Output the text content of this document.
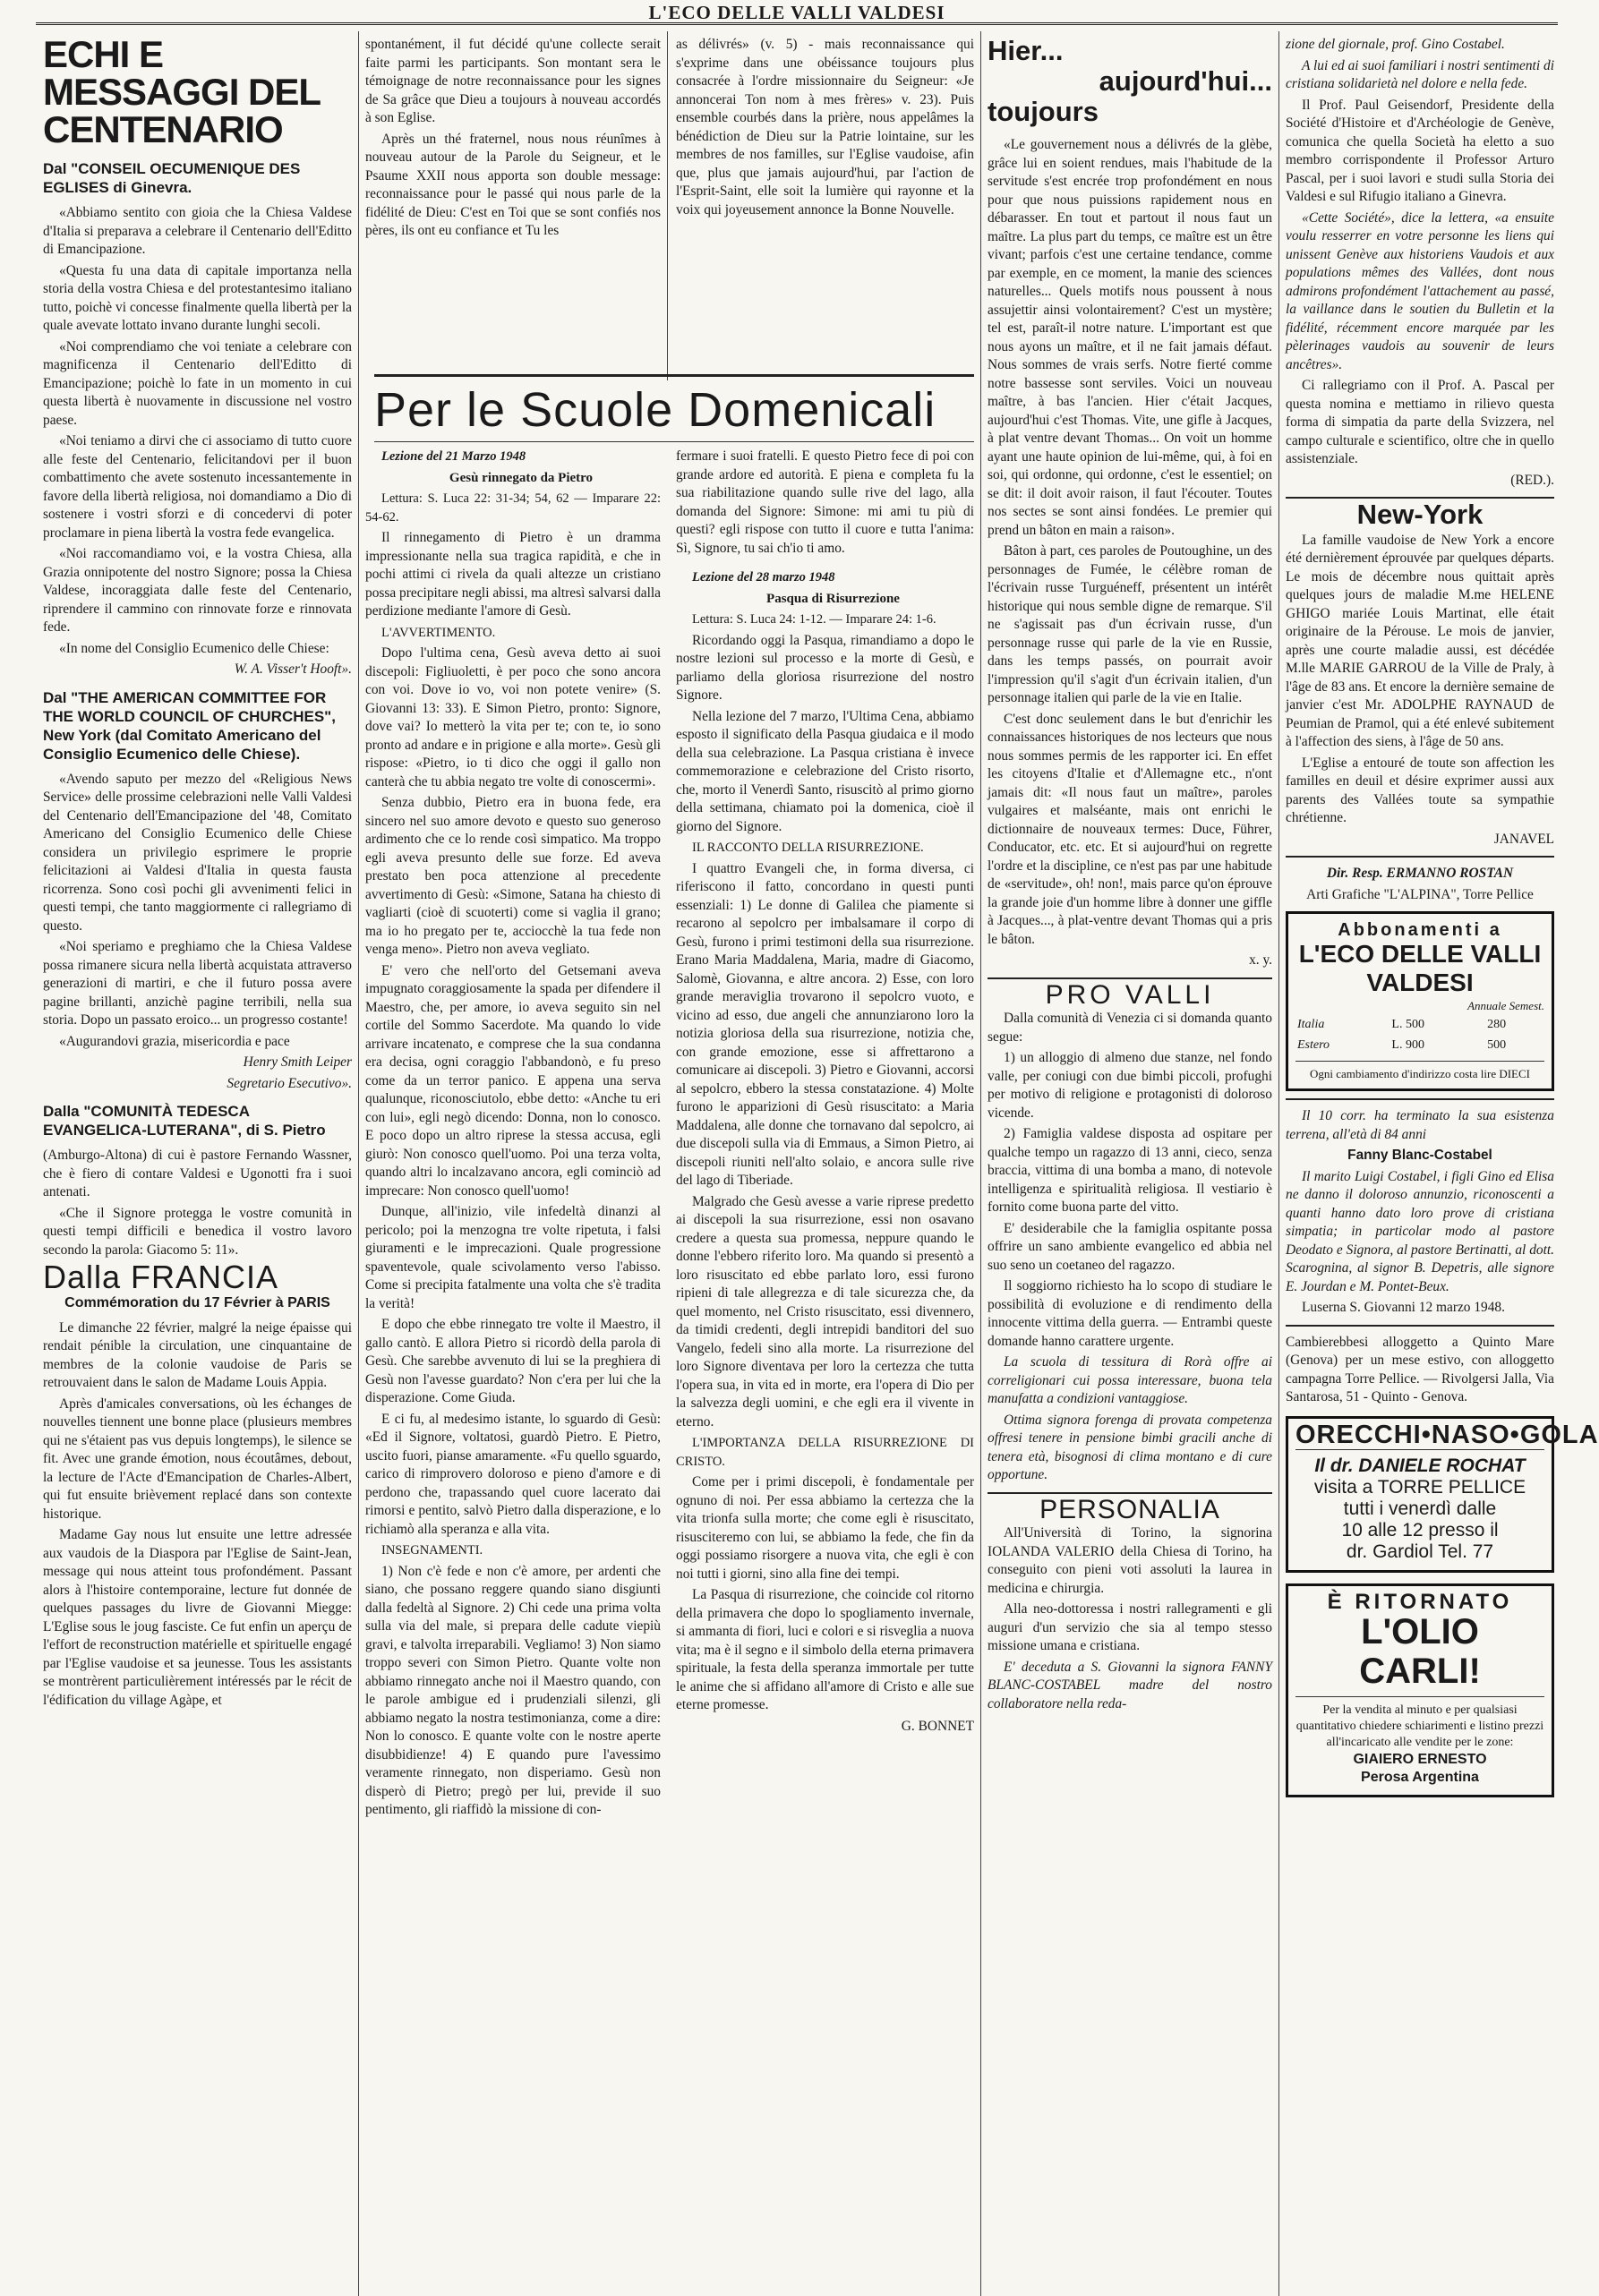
L'ECO DELLE VALLI VALDESI
ECHI E MESSAGGI DEL CENTENARIO
Dal "CONSEIL OECUMENIQUE DES EGLISES di Ginevra.

«Abbiamo sentito con gioia che la Chiesa Valdese d'Italia si preparava a celebrare il Centenario dell'Editto di Emancipazione.

«Questa fu una data di capitale importanza nella storia della vostra Chiesa e del protestantesimo italiano tutto, poichè vi concesse finalmente quella libertà per la quale avevate lottato invano durante lunghi secoli.

«Noi comprendiamo che voi teniate a celebrare con magnificenza il Centenario dell'Editto di Emancipazione; poichè lo fate in un momento in cui questa libertà è nuovamente in discussione nel vostro paese.

«Noi teniamo a dirvi che ci associamo di tutto cuore alle feste del Centenario, felicitandovi per il buon combattimento che avete sostenuto incessantemente in favore della libertà religiosa, noi domandiamo a Dio di sostenere i vostri sforzi e di concedervi di poter proclamare in piena libertà la vostra fede evangelica.

«Noi raccomandiamo voi, e la vostra Chiesa, alla Grazia onnipotente del nostro Signore; possa la Chiesa Valdese, incoraggiata dalle feste del Centenario, riprendere il cammino con rinnovate forze e rinnovata fede.

«In nome del Consiglio Ecumenico delle Chiese:

W. A. Visser't Hooft».

Dal "THE AMERICAN COMMITTEE FOR THE WORLD COUNCIL OF CHURCHES", New York (dal Comitato Americano del Consiglio Ecumenico delle Chiese).

«Avendo saputo per mezzo del «Religious News Service» delle prossime celebrazioni nelle Valli Valdesi del Centenario dell'Emancipazione del '48, Comitato Americano del Consiglio Ecumenico delle Chiese considera un privilegio esprimere le proprie felicitazioni ai Valdesi d'Italia in questa fausta ricorrenza. Sono così pochi gli avvenimenti felici in questi tempi, che tanto maggiormente ci rallegriamo di questo.

«Noi speriamo e preghiamo che la Chiesa Valdese possa rimanere sicura nella libertà acquistata attraverso generazioni di martiri, e che il futuro possa avere pagine brillanti, anzichè pagine terribili, nella sua storia. Dopo un passato eroico... un progresso costante!

«Augurandovi grazia, misericordia e pace

Henry Smith Leiper

Segretario Esecutivo».

Dalla "COMUNITÀ TEDESCA EVANGELICA-LUTERANA", di S. Pietro

(Amburgo-Altona) di cui è pastore Fernando Wassner, che è fiero di contare Valdesi e Ugonotti fra i suoi antenati.

«Che il Signore protegga le vostre comunità in questi tempi difficili e benedica il vostro lavoro secondo la parola: Giacomo 5: 11».

Dalla FRANCIA
Commémoration du 17 Février à PARIS

Le dimanche 22 février, malgré la neige épaisse qui rendait pénible la circulation, une cinquantaine de membres de la colonie vaudoise de Paris se retrouvaient dans le salon de Madame Louis Appia.

Après d'amicales conversations, où les échanges de nouvelles tiennent une bonne place (plusieurs membres qui ne s'étaient pas vus depuis longtemps), le silence se fit. Avec une grande émotion, nous écoutâmes, debout, la lecture de l'Acte d'Emancipation de Charles-Albert, qui fut ensuite brièvement replacé dans son contexte historique.

Madame Gay nous lut ensuite une lettre adressée aux vaudois de la Diaspora par l'Eglise de Saint-Jean, message qui nous atteint tous profondément. Passant alors à l'histoire contemporaine, lecture fut donnée de quelques passages du livre de Giovanni Miegge: L'Eglise sous le joug fasciste. Ce fut enfin un aperçu de l'effort de reconstruction matérielle et spirituelle engagé par l'Eglise vaudoise et sa jeunesse. Tous les assistants se montrèrent particulièrement intéressés par le récit de l'édification du village Agàpe, et

spontanément, il fut décidé qu'une collecte serait faite parmi les participants. Son montant sera le témoignage de notre reconnaissance pour les signes de Sa grâce que Dieu a toujours à nouveau accordés à son Eglise.

Après un thé fraternel, nous nous réunîmes à nouveau autour de la Parole du Seigneur, et le Psaume XXII nous apporta son double message: reconnaissance pour le passé qui nous parle de la fidélité de Dieu: C'est en Toi que se sont confiés nos pères, ils ont eu confiance et Tu les

as délivrés» (v. 5) - mais reconnaissance qui s'exprime dans une obéissance toujours plus consacrée à l'ordre missionnaire du Seigneur: «Je annoncerai Ton nom à mes frères» v. 23). Puis ensemble courbés dans la prière, nous appelâmes la bénédiction de Dieu sur la Patrie lointaine, sur les membres de nos familles, sur l'Eglise vaudoise, afin que, plus que jamais aujourd'hui, par l'action de l'Esprit-Saint, elle soit la lumière qui rayonne et la voix qui joyeusement annonce la Bonne Nouvelle.

Per le Scuole Domenicali

Lezione del 21 Marzo 1948

Gesù rinnegato da Pietro

Lettura: S. Luca 22: 31-34; 54, 62 — Imparare 22: 54-62.

Il rinnegamento di Pietro è un dramma impressionante nella sua tragica rapidità, e che in pochi attimi ci rivela da quali altezze un cristiano possa precipitare negli abissi, ma altresì salvarsi dalla perdizione mediante l'amore di Gesù.

L'AVVERTIMENTO.

Dopo l'ultima cena, Gesù aveva detto ai suoi discepoli: Figliuoletti, è per poco che sono ancora con voi. Dove io vo, voi non potete venire» (S. Giovanni 13: 33). E Simon Pietro, pronto: Signore, dove vai? Io metterò la vita per te; con te, io sono pronto ad andare e in prigione e alla morte». Gesù gli rispose: «Pietro, io ti dico che oggi il gallo non canterà che tu abbia negato tre volte di conoscermi».

Senza dubbio, Pietro era in buona fede, era sincero nel suo amore devoto e questo suo generoso ardimento che ce lo rende così simpatico. Ma troppo egli aveva presunto delle sue forze. Ed aveva prestato ben poca attenzione al precedente avvertimento di Gesù: «Simone, Satana ha chiesto di vagliarti (cioè di scuoterti) come si vaglia il grano; ma io ho pregato per te, acciocchè la tua fede non venga meno». Pietro non aveva vegliato.

E' vero che nell'orto del Getsemani aveva impugnato coraggiosamente la spada per difendere il Maestro, che, per amore, io aveva seguito sin nel cortile del Sommo Sacerdote. Ma quando lo vide arrivare incatenato, e comprese che la sua condanna era decisa, ogni coraggio l'abbandonò, e fu preso come da un terror panico. E appena una serva qualunque, riconosciutolo, ebbe detto: «Anche tu eri con lui», egli negò dicendo: Donna, non lo conosco. E poco dopo un altro riprese la stessa accusa, egli giurò: Non conosco quell'uomo. Poi una terza volta, quando altri lo incalzavano ancora, egli cominciò ad imprecare: Non conosco quell'uomo!

Dunque, all'inizio, vile infedeltà dinanzi al pericolo; poi la menzogna tre volte ripetuta, i falsi giuramenti e le imprecazioni. Quale progressione spaventevole, quale scivolamento verso l'abisso. Come si precipita fatalmente una volta che s'è tradita la verità!

E dopo che ebbe rinnegato tre volte il Maestro, il gallo cantò. E allora Pietro si ricordò della parola di Gesù. Che sarebbe avvenuto di lui se la preghiera di Gesù non l'avesse guardato? Non c'era per lui che la disperazione. Come Giuda.

E ci fu, al medesimo istante, lo sguardo di Gesù: «Ed il Signore, voltatosi, guardò Pietro. E Pietro, uscito fuori, pianse amaramente. «Fu quello sguardo, carico di rimprovero doloroso e pieno d'amore e di perdono che, trapassando quel cuore lacerato dai rimorsi e pentito, salvò Pietro dalla disperazione, e lo richiamò alla speranza e alla vita.

INSEGNAMENTI.

1) Non c'è fede e non c'è amore, per ardenti che siano, che possano reggere quando siano disgiunti dalla fedeltà al Signore. 2) Chi cede una prima volta sulla via del male, si prepara delle cadute viepiù gravi, e talvolta irreparabili. Vegliamo! 3) Non siamo troppo severi con Simon Pietro. Quante volte non abbiamo rinnegato anche noi il Maestro quando, con le parole ambigue ed i prudenziali silenzi, gli abbiamo negato la nostra testimonianza, come a dire: Non lo conosco. E quante volte con le nostre aperte disubbidienze! 4) E quando pure l'avessimo veramente rinnegato, non disperiamo. Gesù non disperò di Pietro; pregò per lui, previde il suo pentimento, gli riaffidò la missione di con-

fermare i suoi fratelli. E questo Pietro fece di poi con grande ardore ed autorità. E piena e completa fu la sua riabilitazione quando sulle rive del lago, alla domanda del Signore: Simone: mi ami tu più di questi? egli rispose con tutto il cuore e tutta l'anima: Sì, Signore, tu sai ch'io ti amo.

Lezione del 28 marzo 1948

Pasqua di Risurrezione

Lettura: S. Luca 24: 1-12. — Imparare 24: 1-6.

Ricordando oggi la Pasqua, rimandiamo a dopo le nostre lezioni sul processo e la morte di Gesù, e parliamo della gloriosa risurrezione del nostro Signore.

Nella lezione del 7 marzo, l'Ultima Cena, abbiamo esposto il significato della Pasqua giudaica e il modo della sua celebrazione. La Pasqua cristiana è invece commemorazione e celebrazione del Cristo risorto, che, morto il Venerdì Santo, risuscitò al primo giorno della settimana, chiamato poi la domenica, cioè il giorno del Signore.

IL RACCONTO DELLA RISURREZIONE.

I quattro Evangeli che, in forma diversa, ci riferiscono il fatto, concordano in questi punti essenziali: 1) Le donne di Galilea che piamente si recarono al sepolcro per imbalsamare il corpo di Gesù, furono i primi testimoni della sua risurrezione. Erano Maria Maddalena, Maria, madre di Giacomo, Salomè, Giovanna, e altre ancora. 2) Esse, con loro grande meraviglia trovarono il sepolcro vuoto, e vicino ad esso, due angeli che annunziarono loro la notizia gloriosa della sua risurrezione, notizia che, con grande emozione, esse si affrettarono a comunicare ai discepoli. 3) Pietro e Giovanni, accorsi al sepolcro, ebbero la stessa constatazione. 4) Molte furono le apparizioni di Gesù risuscitato: a Maria Maddalena, alle donne che tornavano dal sepolcro, ai due discepoli sulla via di Emmaus, a Simon Pietro, ai discepoli riuniti nell'alto solaio, e ancora sulle rive del lago di Tiberiade.

Malgrado che Gesù avesse a varie riprese predetto ai discepoli la sua risurrezione, essi non osavano credere a questa sua promessa, neppure quando le donne l'ebbero riferito loro. Ma quando si presentò a loro risuscitato ed ebbe parlato loro, essi furono ripieni di tale allegrezza e di tale sicurezza che, da quel momento, nel Cristo risuscitato, essi divennero, da timidi credenti, degli intrepidi banditori del suo Vangelo, fedeli sino alla morte. La risurrezione del loro Signore diventava per loro la certezza che tutta l'opera sua, in vita ed in morte, era l'opera di Dio per la salvezza degli uomini, e che egli era il vivente in eterno.

L'IMPORTANZA DELLA RISURREZIONE DI CRISTO.

Come per i primi discepoli, è fondamentale per ognuno di noi. Per essa abbiamo la certezza che la vita trionfa sulla morte; che come egli è risuscitato, risusciteremo con lui, se abbiamo la fede, che fin da oggi possiamo risorgere a nuova vita, che egli è con noi tutti i giorni, sino alla fine dei tempi.

La Pasqua di risurrezione, che coincide col ritorno della primavera che dopo lo spogliamento invernale, si ammanta di fiori, luci e colori e si risveglia a nuova vita; ma è il segno e il simbolo della eterna primavera spirituale, la festa della speranza immortale per tutte le anime che si affidano all'amore di Cristo e alle sue eterne promesse.

G. BONNET

Hier...
aujourd'hui...
toujours

«Le gouvernement nous a délivrés de la glèbe, grâce lui en soient rendues, mais l'habitude de la servitude s'est encrée trop profondément en nous pour que nous puissions rapidement nous en débarasser. En tout et partout il nous faut un maître. La plus part du temps, ce maître est un être vivant; parfois c'est une certaine tendance, comme par exemple, en ce moment, la manie des sciences naturelles... Quels motifs nous poussent à nous assujettir ainsi volontairement? C'est un mystère; tel est, paraît-il notre nature. L'important est que nous ayons un maître, et il ne fait jamais défaut. Nous sommes de vrais serfs. Notre fierté comme notre bassesse sont serviles. Voici un nouveau maître, à bas l'ancien. Hier c'était Jacques, aujourd'hui c'est Thomas. Vite, une gifle à Jacques, à plat ventre devant Thomas... On voit un homme ayant une haute opinion de lui-même, qui, à foi en soi, qui ordonne, qui ordonne, c'est le essentiel; on se dit: il doit avoir raison, il faut l'écouter. Toutes nos sectes se sont ainsi fondées. Le premier qui prend un bâton en main a raison».

Bâton à part, ces paroles de Poutoughine, un des personnages de Fumée, le célèbre roman de l'écrivain russe Turguéneff, présentent un intérêt historique qui nous semble digne de remarque. S'il ne s'agissait pas d'un écrivain russe, d'un personnage russe qui parle de la vie en Russie, dans les temps passés, on pourrait avoir l'impression qu'il s'agit d'un écrivain italien, d'un personnage italien qui parle de la vie en Italie.

C'est donc seulement dans le but d'enrichir les connaissances historiques de nos lecteurs que nous nous sommes permis de les rapporter ici. En effet les citoyens d'Italie et d'Allemagne etc., n'ont jamais dit: «Il nous faut un maître», paroles vulgaires et malséante, mais ont enrichi le dictionnaire de nouveaux termes: Duce, Führer, Conducator, etc. etc. Et si aujourd'hui on regrette l'ordre et la discipline, ce n'est pas par une habitude de «servitude», oh! non!, mais parce qu'on éprouve la grande joie d'un homme libre à donner une giffle à Jacques..., à plat-ventre devant Thomas qui a pris le bâton.

x. y.

PRO VALLI

Dalla comunità di Venezia ci si domanda quanto segue:

1) un alloggio di almeno due stanze, nel fondo valle, per coniugi con due bimbi piccoli, profughi per motivo di religione e protagonisti di doloroso vicende.

2) Famiglia valdese disposta ad ospitare per qualche tempo un ragazzo di 13 anni, cieco, senza braccia, vittima di una bomba a mano, di notevole intelligenza e spiritualità religiosa. Il vestiario è fornito come buona parte del vitto.

E' desiderabile che la famiglia ospitante possa offrire un sano ambiente evangelico ed abbia nel suo seno un coetaneo del ragazzo.

Il soggiorno richiesto ha lo scopo di studiare le possibilità di evoluzione e di rendimento della innocente vittima della guerra. — Entrambi queste domande hanno carattere urgente.

La scuola di tessitura di Rorà offre ai correligionari cui possa interessare, buona tela manufatta a condizioni vantaggiose.

Ottima signora forenga di provata competenza offresi tenere in pensione bimbi gracili anche di tenera età, bisognosi di clima montano e di cure opportune.

PERSONALIA

All'Università di Torino, la signorina IOLANDA VALERIO della Chiesa di Torino, ha conseguito con pieni voti assoluti la laurea in medicina e chirurgia.

Alla neo-dottoressa i nostri rallegramenti e gli auguri d'un servizio che sia al tempo stesso missione umana e cristiana.

E' deceduta a S. Giovanni la signora FANNY BLANC-COSTABEL madre del nostro collaboratore nella reda-

zione del giornale, prof. Gino Costabel.

A lui ed ai suoi familiari i nostri sentimenti di cristiana solidarietà nel dolore e nella fede.

Il Prof. Paul Geisendorf, Presidente della Société d'Histoire et d'Archéologie de Genève, comunica che quella Società ha eletto a suo membro corrispondente il Professor Arturo Pascal, per i suoi lavori e studi sulla Storia dei Valdesi e sul Rifugio italiano a Ginevra.

«Cette Société», dice la lettera, «a ensuite voulu resserrer en votre personne les liens qui unissent Genève aux historiens Vaudois et aux populations mêmes des Vallées, dont nous admirons profondément l'attachement au passé, la vaillance dans le soutien du Bulletin et la fidélité, récemment encore marquée par les pèlerinages vaudois au souvenir de leurs ancêtres».

Ci rallegriamo con il Prof. A. Pascal per questa nomina e mettiamo in rilievo questa forma di simpatia da parte della Svizzera, nel campo culturale e scientifico, oltre che in quello assistenziale.

(RED.).

New-York

La famille vaudoise de New York a encore été dernièrement éprouvée par quelques départs. Le mois de décembre nous quittait après quelques jours de maladie M.me HELENE GHIGO mariée Louis Martinat, elle était originaire de la Pérouse. Le mois de janvier, après une courte maladie aussi, est décédée M.lle MARIE GARROU de la Ville de Praly, à l'âge de 83 ans. Et encore la dernière semaine de janvier c'est Mr. ADOLPHE RAYNAUD de Peumian de Pramol, qui a été enlevé subitement à l'affection des siens, à l'âge de 50 ans.

L'Eglise a entouré de toute son affection les familles en deuil et désire exprimer aussi aux parents des Vallées toute sa sympathie chrétienne.

JANAVEL

Dir. Resp. ERMANNO ROSTAN

Arti Grafiche "L'ALPINA", Torre Pellice

Abbonamenti a
L'ECO DELLE VALLI VALDESI
Annuale Semest.
Italia	L. 500	280
Estero	L. 900	500
Ogni cambiamento d'indirizzo costa lire DIECI

Il 10 corr. ha terminato la sua esistenza terrena, all'età di 84 anni

Fanny Blanc-Costabel

Il marito Luigi Costabel, i figli Gino ed Elisa ne danno il doloroso annunzio, riconoscenti a quanti hanno dato loro prove di cristiana simpatia; in particolar modo al pastore Deodato e Signora, al pastore Bertinatti, al dott. Scarognina, al signor B. Depetris, alle signore E. Jourdan e M. Pontet-Beux.

Luserna S. Giovanni 12 marzo 1948.

Cambierebbesi alloggetto a Quinto Mare (Genova) per un mese estivo, con alloggetto campagna Torre Pellice. — Rivolgersi Jalla, Via Santarosa, 51 - Quinto - Genova.

ORECCHI•NASO•GOLA
Il dr. DANIELE ROCHAT
visita a TORRE PELLICE
tutti i venerdì dalle
10 alle 12 presso il
dr. Gardiol Tel. 77
È RITORNATO
L'OLIO CARLI!
Per la vendita al minuto e per qualsiasi quantitativo chiedere schiarimenti e listino prezzi all'incaricato alle vendite per le zone:
GIAIERO ERNESTO
Perosa Argentina
